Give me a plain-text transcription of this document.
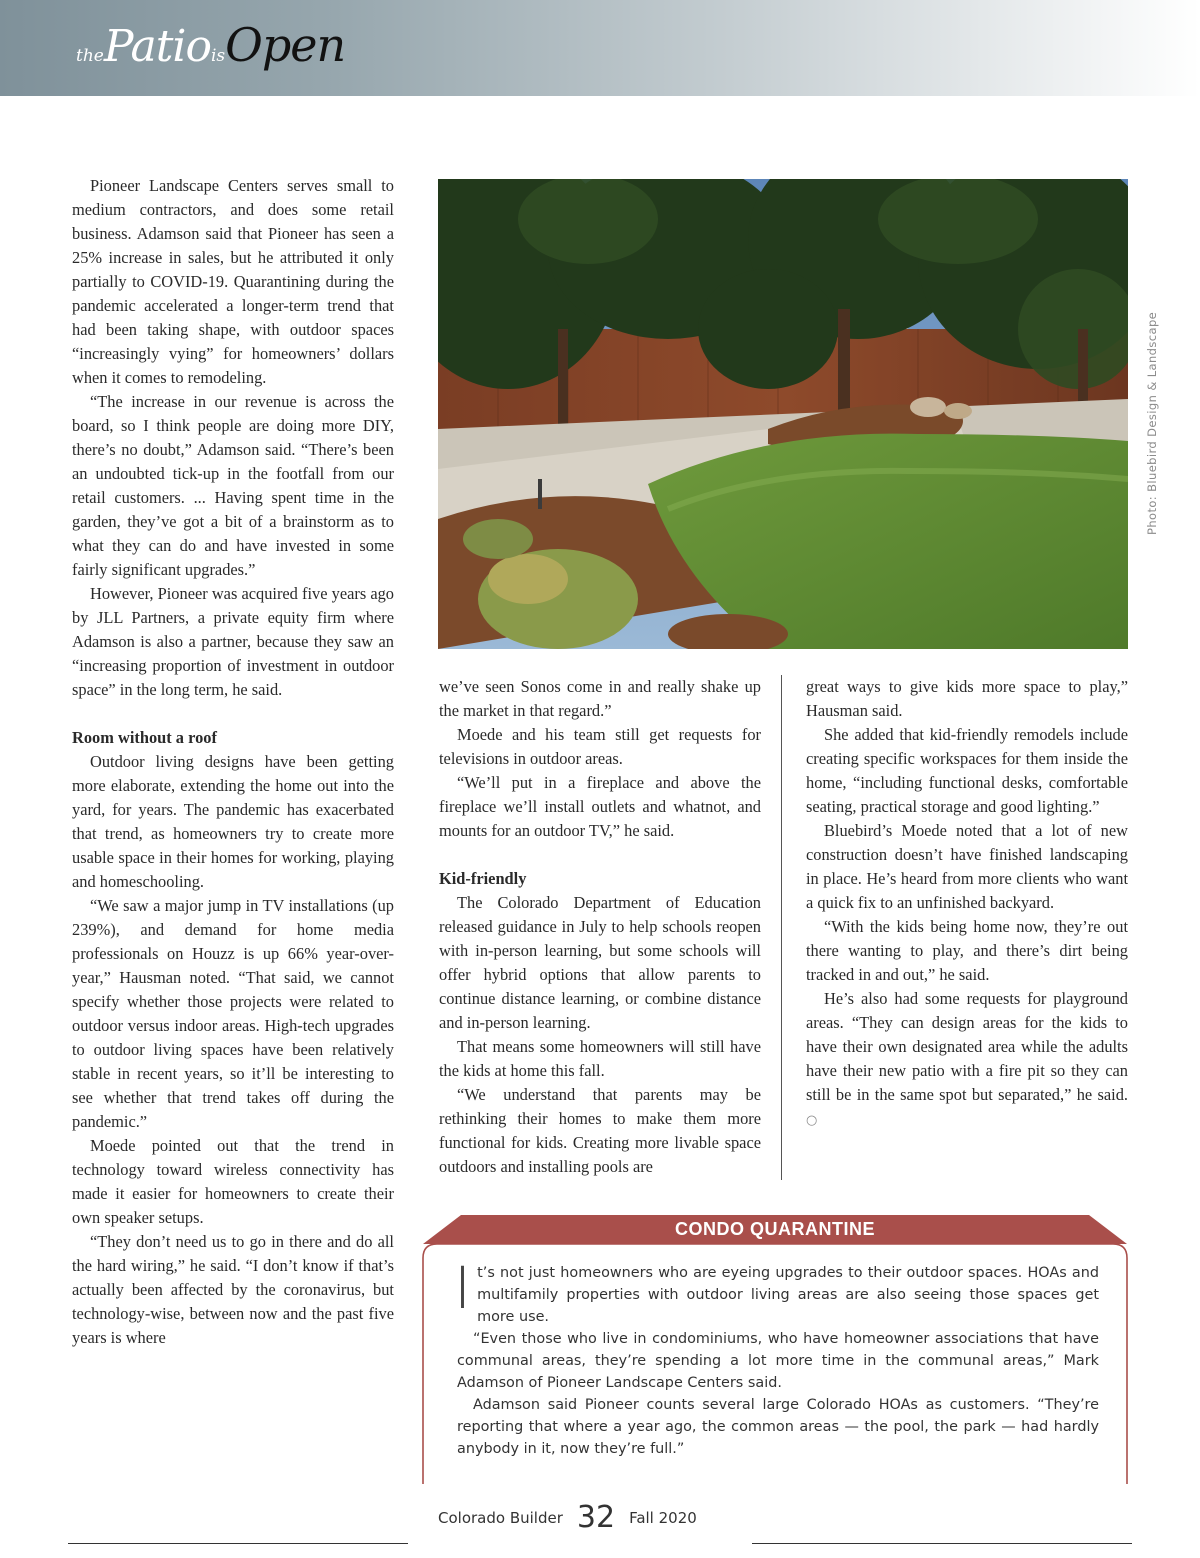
thePatioisOpen

Pioneer Landscape Centers serves small to medium contractors, and does some retail business. Adamson said that Pioneer has seen a 25% increase in sales, but he attributed it only partially to COVID-19. Quarantining during the pandemic accelerated a longer-term trend that had been taking shape, with outdoor spaces “increasingly vying” for homeowners’ dollars when it comes to remodeling.

“The increase in our revenue is across the board, so I think people are doing more DIY, there’s no doubt,” Adamson said. “There’s been an undoubted tick-up in the footfall from our retail customers. ... Having spent time in the garden, they’ve got a bit of a brainstorm as to what they can do and have invested in some fairly significant upgrades.”

However, Pioneer was acquired five years ago by JLL Partners, a private equity firm where Adamson is also a partner, because they saw an “increasing proportion of investment in outdoor space” in the long term, he said.

Room without a roof

Outdoor living designs have been getting more elaborate, extending the home out into the yard, for years. The pandemic has exacerbated that trend, as homeowners try to create more usable space in their homes for working, playing and homeschooling.

“We saw a major jump in TV installations (up 239%), and demand for home media professionals on Houzz is up 66% year-over-year,” Hausman noted. “That said, we cannot specify whether those projects were related to outdoor versus indoor areas. High-tech upgrades to outdoor living spaces have been relatively stable in recent years, so it’ll be interesting to see whether that trend takes off during the pandemic.”

Moede pointed out that the trend in technology toward wireless connectivity has made it easier for homeowners to create their own speaker setups.

“They don’t need us to go in there and do all the hard wiring,” he said. “I don’t know if that’s actually been affected by the coronavirus, but technology-wise, between now and the past five years is where

Photo: Bluebird Design & Landscape

we’ve seen Sonos come in and really shake up the market in that regard.”

Moede and his team still get requests for televisions in outdoor areas.

“We’ll put in a fireplace and above the fireplace we’ll install outlets and whatnot, and mounts for an outdoor TV,” he said.

Kid-friendly

The Colorado Department of Education released guidance in July to help schools reopen with in-person learning, but some schools will offer hybrid options that allow parents to continue distance learning, or combine distance and in-person learning.

That means some homeowners will still have the kids at home this fall.

“We understand that parents may be rethinking their homes to make them more functional for kids. Creating more livable space outdoors and installing pools are

great ways to give kids more space to play,” Hausman said.

She added that kid-friendly remodels include creating specific workspaces for them inside the home, “including functional desks, comfortable seating, practical storage and good lighting.”

Bluebird’s Moede noted that a lot of new construction doesn’t have finished landscaping in place. He’s heard from more clients who want a quick fix to an unfinished backyard.

“With the kids being home now, they’re out there wanting to play, and there’s dirt being tracked in and out,” he said.

He’s also had some requests for playground areas. “They can design areas for the kids to have their own designated area while the adults have their new patio with a fire pit so they can still be in the same spot but separated,” he said. ○

CONDO QUARANTINE

It’s not just homeowners who are eyeing upgrades to their outdoor spaces. HOAs and multifamily properties with outdoor living areas are also seeing those spaces get more use.

“Even those who live in condominiums, who have homeowner associations that have communal areas, they’re spending a lot more time in the communal areas,” Mark Adamson of Pioneer Landscape Centers said.

Adamson said Pioneer counts several large Colorado HOAs as customers. “They’re reporting that where a year ago, the common areas — the pool, the park — had hardly anybody in it, now they’re full.”

Colorado Builder 32 Fall 2020
